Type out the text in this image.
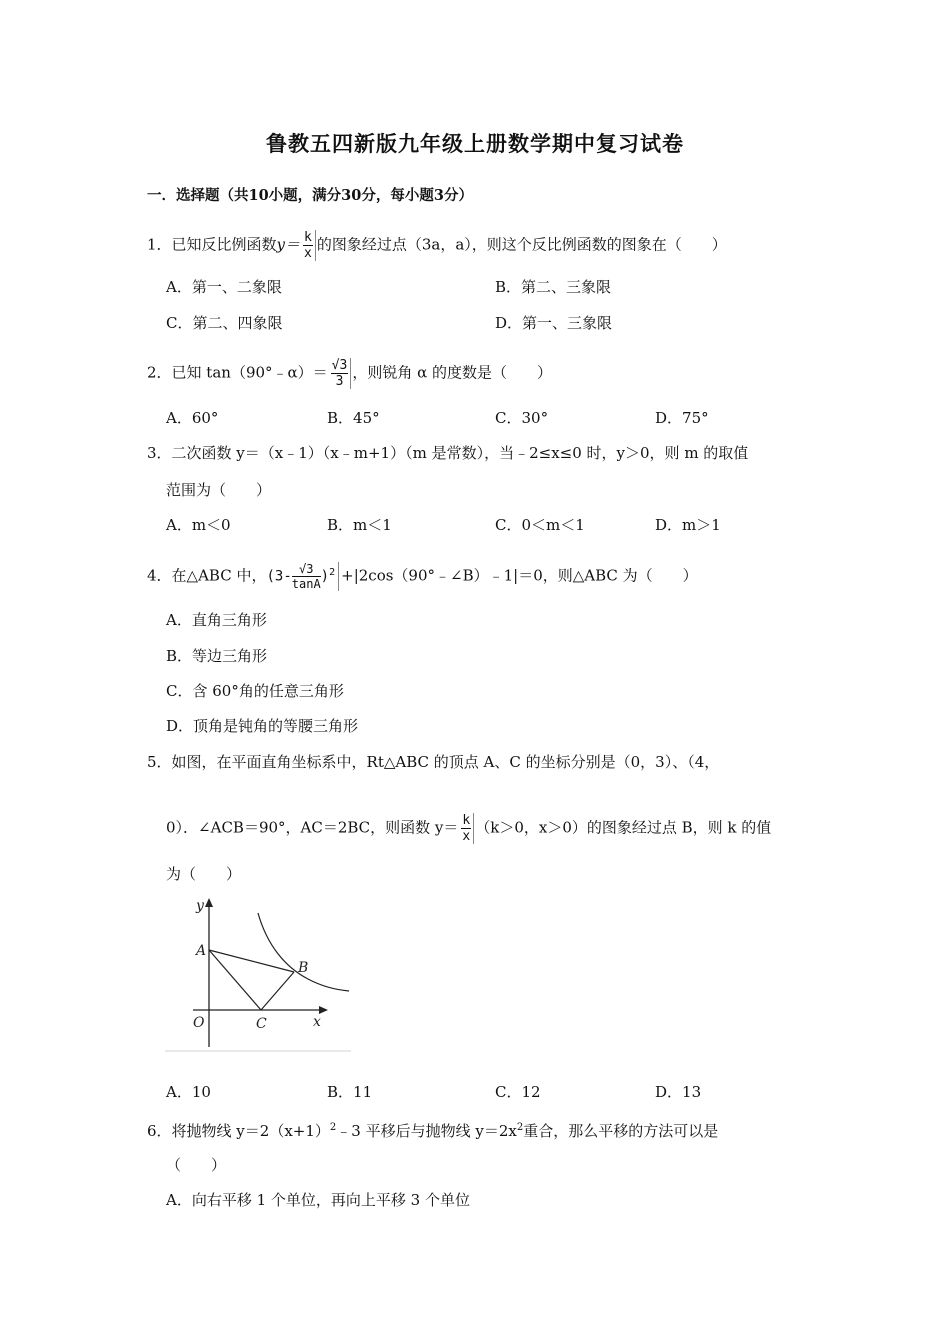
鲁教五四新版九年级上册数学期中复习试卷
一．选择题（共10小题，满分30分，每小题3分）
1．已知反比例函数$y= \frac{k}{x}$ 的图象经过点（3a，a），则这个反比例函数的图象在（　　）
A．第一、二象限	B．第二、三象限
C．第二、四象限	D．第一、三象限
2．已知 tan（90°﹣α）＝ $\frac{√3}{3}$ ，则锐角 α 的度数是（　　）
A．60°	B．45°	C．30°	D．75°
3．二次函数 y＝（x﹣1）（x﹣m+1）（m 是常数），当﹣2≤x≤0 时，y＞0，则 m 的取值
范围为（　　）
A．m＜0	B．m＜1	C．0＜m＜1	D．m＞1
4．在△ABC 中，$(3- \frac{√3}{\tan A} )^2$ +|2cos（90°﹣∠B）﹣1|＝0，则△ABC 为（　　）
A．直角三角形
B．等边三角形
C．含 60°角的任意三角形
D．顶角是钝角的等腰三角形
5．如图，在平面直角坐标系中，Rt△ABC 的顶点 A、C 的坐标分别是（0，3）、（4，
0）．∠ACB＝90°，AC＝2BC，则函数 $y= \frac{k}{x} (k>0$，x＞0）的图象经过点 B，则 k 的值
为（　　）
y
A
B
O	C	x
A．10	B．11	C．12	D．13
6．将抛物线 $y=2(x+1)^2﹣3$ 平移后与抛物线 $y=2x^2$重合，那么平移的方法可以是
（　　）
A．向右平移 1 个单位，再向上平移 3 个单位
